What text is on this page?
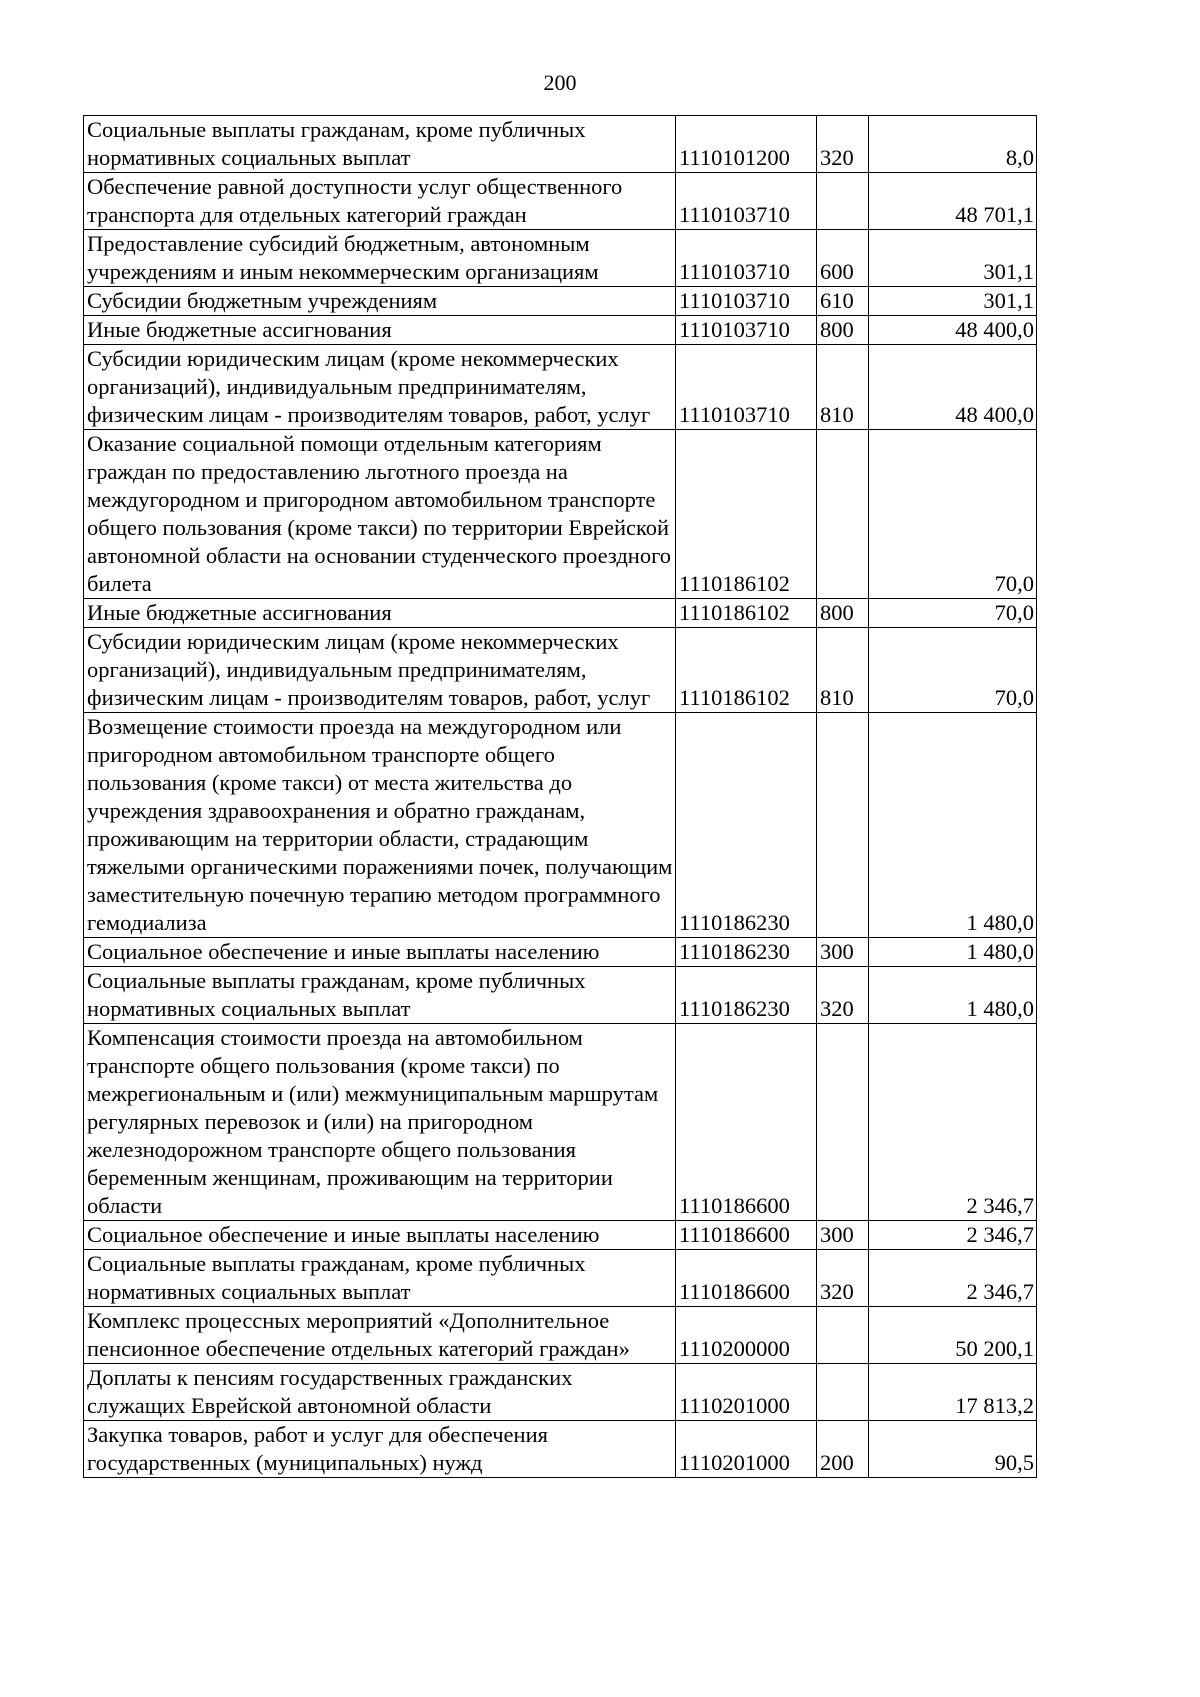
200
Социальные выплаты гражданам, кроме публичных нормативных социальных выплат	1110101200	320	8,0
Обеспечение равной доступности услуг общественного транспорта для отдельных категорий граждан	1110103710		48 701,1
Предоставление субсидий бюджетным, автономным учреждениям и иным некоммерческим организациям	1110103710	600	301,1
Субсидии бюджетным учреждениям	1110103710	610	301,1
Иные бюджетные ассигнования	1110103710	800	48 400,0
Субсидии юридическим лицам (кроме некоммерческих организаций), индивидуальным предпринимателям, физическим лицам - производителям товаров, работ, услуг	1110103710	810	48 400,0
Оказание социальной помощи отдельным категориям граждан по предоставлению льготного проезда на междугородном и пригородном автомобильном транспорте общего пользования (кроме такси) по территории Еврейской автономной области на основании студенческого проездного билета	1110186102		70,0
Иные бюджетные ассигнования	1110186102	800	70,0
Субсидии юридическим лицам (кроме некоммерческих организаций), индивидуальным предпринимателям, физическим лицам - производителям товаров, работ, услуг	1110186102	810	70,0
Возмещение стоимости проезда на междугородном или пригородном автомобильном транспорте общего пользования (кроме такси) от места жительства до учреждения здравоохранения и обратно гражданам, проживающим на территории области, страдающим тяжелыми органическими поражениями почек, получающим заместительную почечную терапию методом программного гемодиализа	1110186230		1 480,0
Социальное обеспечение и иные выплаты населению	1110186230	300	1 480,0
Социальные выплаты гражданам, кроме публичных нормативных социальных выплат	1110186230	320	1 480,0
Компенсация стоимости проезда на автомобильном транспорте общего пользования (кроме такси) по межрегиональным и (или) межмуниципальным маршрутам регулярных перевозок и (или) на пригородном железнодорожном транспорте общего пользования беременным женщинам, проживающим на территории области	1110186600		2 346,7
Социальное обеспечение и иные выплаты населению	1110186600	300	2 346,7
Социальные выплаты гражданам, кроме публичных нормативных социальных выплат	1110186600	320	2 346,7
Комплекс процессных мероприятий «Дополнительное пенсионное обеспечение отдельных категорий граждан»	1110200000		50 200,1
Доплаты к пенсиям государственных гражданских служащих Еврейской автономной области	1110201000		17 813,2
Закупка товаров, работ и услуг для обеспечения государственных (муниципальных) нужд	1110201000	200	90,5
